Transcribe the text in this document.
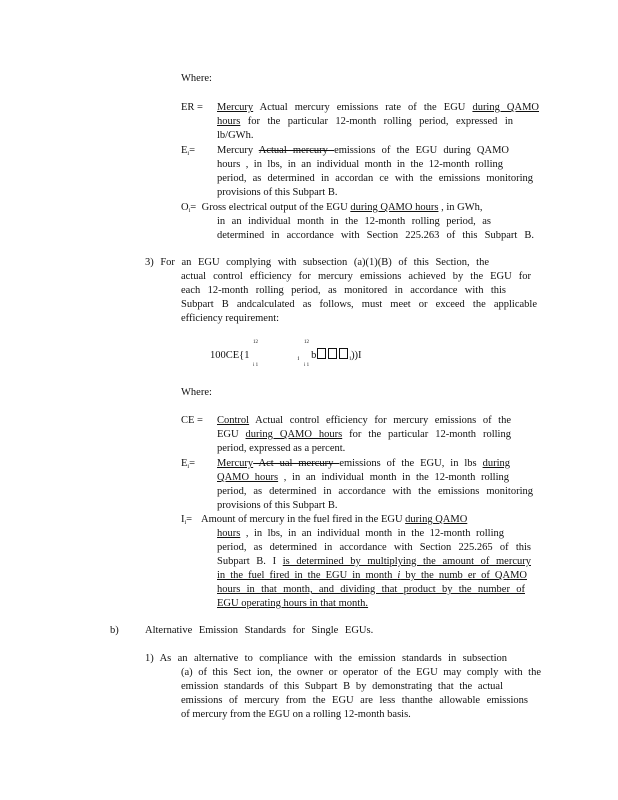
Where:

ER = Mercury Actual mercury emissions rate of the EGU during QAMO
hours for the particular 12-month rolling period, expressed in
lb/GWh.
$E_i=$ Mercury Actual mercury emissions of the EGU during QAMO
hours , in lbs, in an individual month in the 12-month rolling
period, as determined in accordan ce with the emissions monitoring
provisions of this Subpart B.
$O_i=$ Gross electrical output of the EGU during QAMO hours , in GWh,
in an individual month in the 12-month rolling period, as
determined in accordance with Section 225.263 of this Subpart B.
3) For an EGU complying with subsection (a)(1)(B) of this Section, the
actual control efficiency for mercury emissions achieved by the EGU for
each 12-month rolling period, as monitored in accordance with this
Subpart B andcalculated as follows, must meet or exceed the applicable
efficiency requirement:
12	12
100CE{1	$_i$ b	$_i$))I
i 1	i 1

Where:

CE = Control Actual control efficiency for mercury emissions of the
EGU during QAMO hours for the particular 12-month rolling
period, expressed as a percent.
$E_i=$ Mercury Act ual mercury emissions of the EGU, in lbs during
QAMO hours , in an individual month in the 12-month rolling
period, as determined in accordance with the emissions monitoring
provisions of this Subpart B.
$I_i=$ Amount of mercury in the fuel fired in the EGU during QAMO
hours , in lbs, in an individual month in the 12-month rolling
period, as determined in accordance with Section 225.265 of this
Subpart B. I is determined by multiplying the amount of mercury
in the fuel fired in the EGU in month i by the numb er of QAMO
hours in that month, and dividing that product by the number of
EGU operating hours in that month.
b)	Alternative Emission Standards for Single EGUs.
1) As an alternative to compliance with the emission standards in subsection
(a) of this Sect ion, the owner or operator of the EGU may comply with the
emission standards of this Subpart B by demonstrating that the actual
emissions of mercury from the EGU are less thanthe allowable emissions
of mercury from the EGU on a rolling 12-month basis.
